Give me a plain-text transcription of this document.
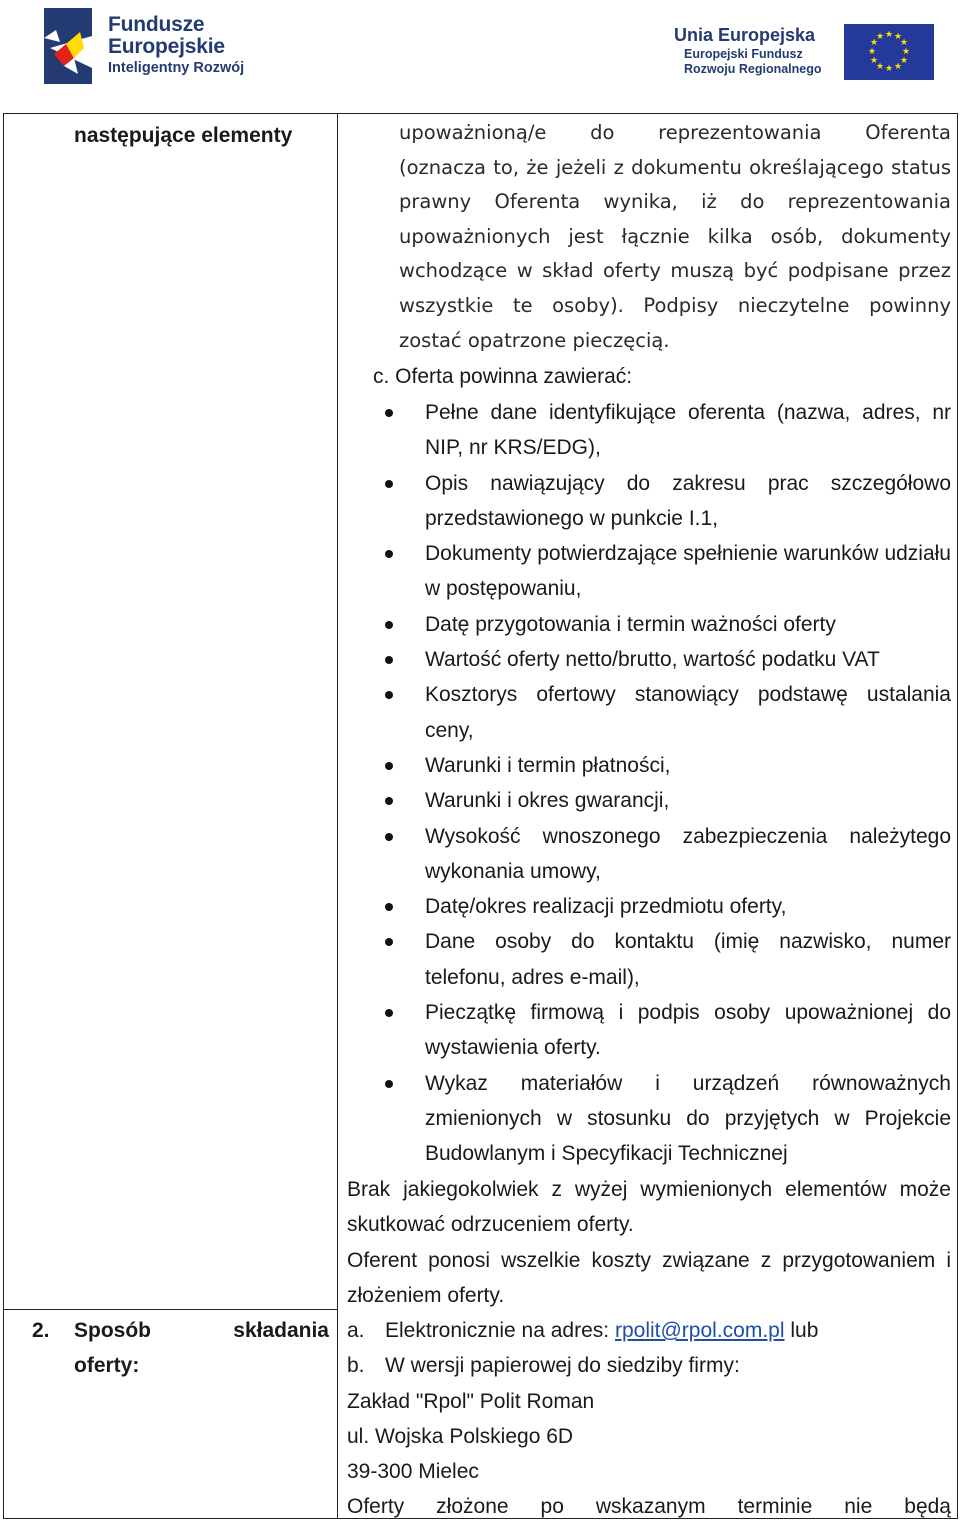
Fundusze
Europejskie
Inteligentny Rozwój
Unia Europejska
Europejski Fundusz
Rozwoju Regionalnego
★ ★
★
★
★
★
★
★
★
★
★
★
następujące elementy
2. Sposób	składania
oferty:
upoważnioną/e do reprezentowania Oferenta
(oznacza to, że jeżeli z dokumentu określającego status
prawny Oferenta wynika, iż do reprezentowania
upoważnionych jest łącznie kilka osób, dokumenty
wchodzące w skład oferty muszą być podpisane przez
wszystkie te osoby). Podpisy nieczytelne powinny
zostać opatrzone pieczęcią.
c. Oferta powinna zawierać:
Pełne dane identyfikujące oferenta (nazwa, adres, nr NIP, nr KRS/EDG),
Opis nawiązujący do zakresu prac szczegółowo przedstawionego w punkcie I.1,
Dokumenty potwierdzające spełnienie warunków udziału w postępowaniu,
Datę przygotowania i termin ważności oferty
Wartość oferty netto/brutto, wartość podatku VAT
Kosztorys ofertowy stanowiący podstawę ustalania ceny,
Warunki i termin płatności,
Warunki i okres gwarancji,
Wysokość wnoszonego zabezpieczenia należytego wykonania umowy,
Datę/okres realizacji przedmiotu oferty,
Dane osoby do kontaktu (imię nazwisko, numer telefonu, adres e-mail),
Pieczątkę firmową i podpis osoby upoważnionej do wystawienia oferty.
Wykaz materiałów i urządzeń równoważnych zmienionych w stosunku do przyjętych w Projekcie Budowlanym i Specyfikacji Technicznej

Brak jakiegokolwiek z wyżej wymienionych elementów może skutkować odrzuceniem oferty.

Oferent ponosi wszelkie koszty związane z przygotowaniem i złożeniem oferty.

a. Elektronicznie na adres: rpolit@rpol.com.pl lub
b. W wersji papierowej do siedziby firmy:
Zakład "Rpol" Polit Roman
ul. Wojska Polskiego 6D
39-300 Mielec
Oferty złożone po wskazanym terminie nie będą
